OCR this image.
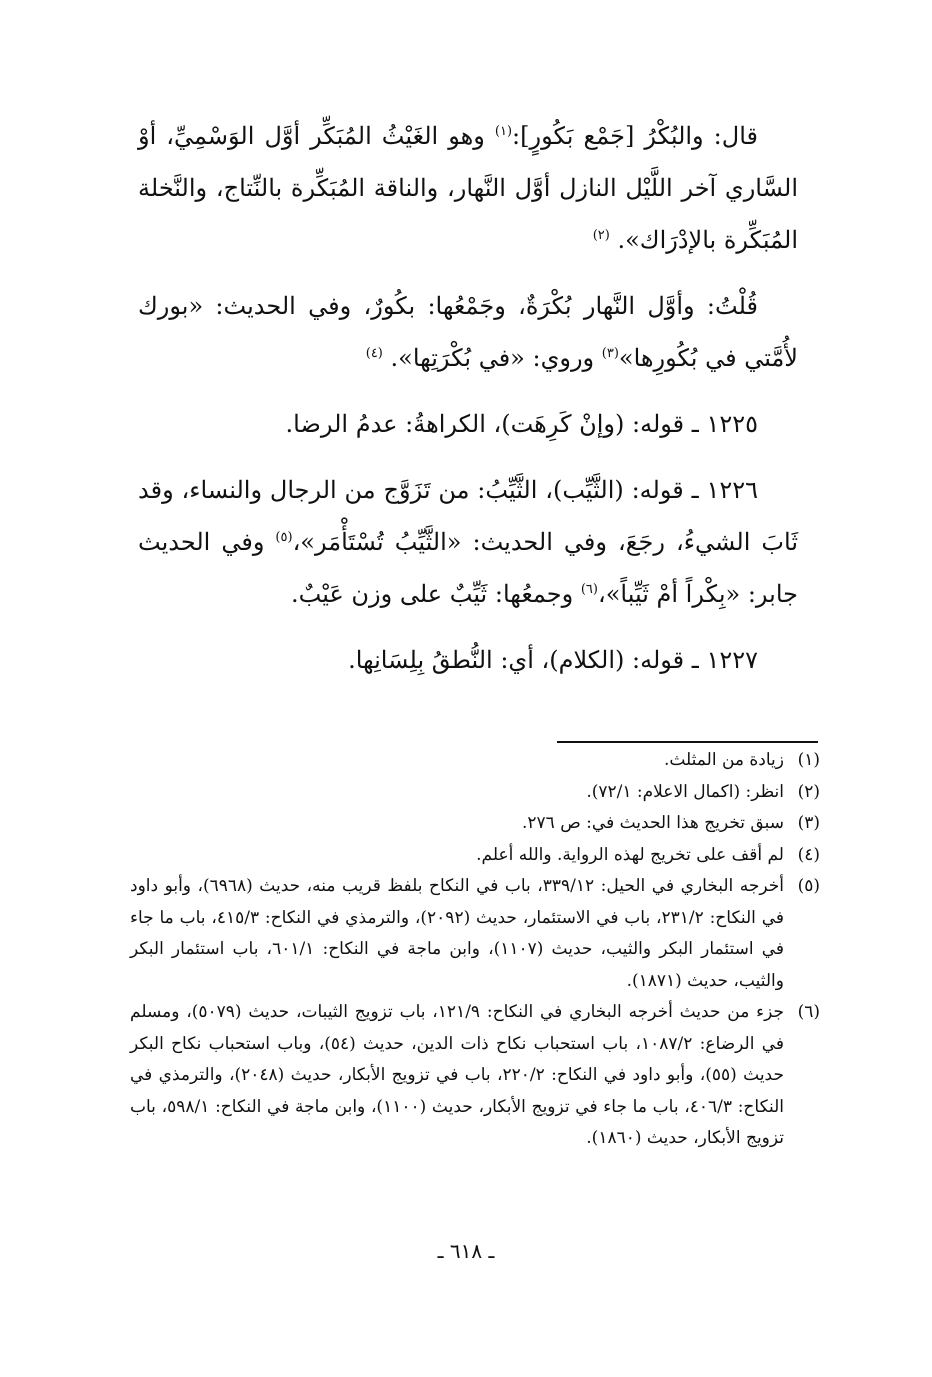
قال: والبُكْرُ [جَمْع بَكُورٍ]:$^{(١)}$ وهو الغَيْثُ المُبَكِّر أوَّل الوَسْمِيِّ، أوْ السَّاري آخر اللَّيْل النازل أوَّل النَّهار، والناقة المُبَكِّرة بالنِّتاج، والنَّخلة المُبَكِّرة بالإدْرَاك». $^{(٢)}$

قُلْتُ: وأوَّل النَّهار بُكْرَةٌ، وجَمْعُها: بكُورٌ، وفي الحديث: «بورك لأُمَّتي في بُكُورِها»$^{(٣)}$ وروي: «في بُكْرَتِها». $^{(٤)}$

١٢٢٥ ـ قوله: (وإنْ كَرِهَت)، الكراهةُ: عدمُ الرضا.

١٢٢٦ ـ قوله: (الثَّيِّب)، الثَّيِّبُ: من تَزَوَّج من الرجال والنساء، وقد ثَابَ الشيءُ، رجَعَ، وفي الحديث: «الثَّيِّبُ تُسْتَأْمَر»،$^{(٥)}$ وفي الحديث جابر: «بِكْراً أمْ ثَيِّباً»،$^{(٦)}$ وجمعُها: ثَيِّبٌ على وزن عَيْبٌ.

١٢٢٧ ـ قوله: (الكلام)، أي: النُّطقُ بِلِسَانِها.

(١)
زيادة من المثلث.
(٢)
انظر: (اكمال الاعلام: ٧٢/١).
(٣)
سبق تخريج هذا الحديث في: ص ٢٧٦.
(٤)
لم أقف على تخريج لهذه الرواية. والله أعلم.
(٥)
أخرجه البخاري في الحيل: ٣٣٩/١٢، باب في النكاح بلفظ قريب منه، حديث (٦٩٦٨)، وأبو داود في النكاح: ٢٣١/٢، باب في الاستئمار، حديث (٢٠٩٢)، والترمذي في النكاح: ٤١٥/٣، باب ما جاء في استئمار البكر والثيب، حديث (١١٠٧)، وابن ماجة في النكاح: ٦٠١/١، باب استئمار البكر والثيب، حديث (١٨٧١).
(٦)
جزء من حديث أخرجه البخاري في النكاح: ١٢١/٩، باب تزويج الثيبات، حديث (٥٠٧٩)، ومسلم في الرضاع: ١٠٨٧/٢، باب استحباب نكاح ذات الدين، حديث (٥٤)، وباب استحباب نكاح البكر حديث (٥٥)، وأبو داود في النكاح: ٢٢٠/٢، باب في تزويج الأبكار، حديث (٢٠٤٨)، والترمذي في النكاح: ٤٠٦/٣، باب ما جاء في تزويج الأبكار، حديث (١١٠٠)، وابن ماجة في النكاح: ٥٩٨/١، باب تزويج الأبكار، حديث (١٨٦٠).
ـ ٦١٨ ـ
